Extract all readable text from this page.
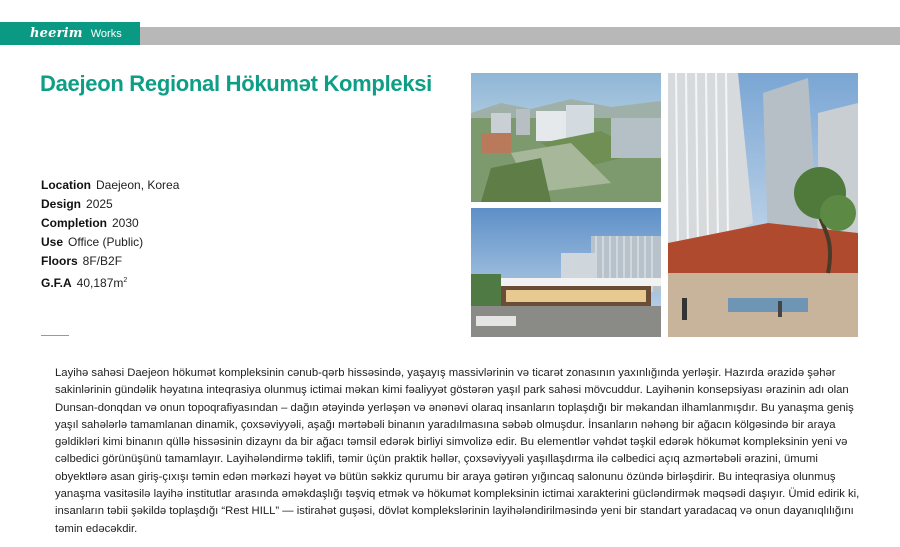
heerim Works
Daejeon Regional Hökumət Kompleksi
Location Daejeon, Korea
Design 2025
Completion 2030
Use Office (Public)
Floors 8F/B2F
G.F.A $40,187m^2$

Layihə sahəsi Daejeon hökumət kompleksinin cənub-qərb hissəsində, yaşayış massivlərinin və ticarət zonasının yaxınlığında yerləşir. Hazırda ərazidə şəhər sakinlərinin gündəlik həyatına inteqrasiya olunmuş ictimai məkan kimi fəaliyyət göstərən yaşıl park sahəsi mövcuddur. Layihənin konsepsiyası ərazinin adı olan Dunsan-donqdan və onun topoqrafiyasından – dağın ətəyində yerləşən və ənənəvi olaraq insanların toplaşdığı bir məkandan ilhamlanmışdır. Bu yanaşma geniş yaşıl sahələrlə tamamlanan dinamik, çoxsəviyyəli, aşağı mərtəbəli binanın yaradılmasına səbəb olmuşdur. İnsanların nəhəng bir ağacın kölgəsində bir araya gəldikləri kimi binanın qüllə hissəsinin dizaynı da bir ağacı təmsil edərək birliyi simvolizə edir. Bu elementlər vəhdət təşkil edərək hökumət kompleksinin yeni və cəlbedici görünüşünü tamamlayır. Layihələndirmə təklifi, təmir üçün praktik həllər, çoxsəviyyəli yaşıllaşdırma ilə cəlbedici açıq azmərtəbəli ərazini, ümumi obyektlərə asan giriş-çıxışı təmin edən mərkəzi həyət və bütün səkkiz qurumu bir araya gətirən yığıncaq salonunu özündə birləşdirir. Bu inteqrasiya olunmuş yanaşma vasitəsilə layihə institutlar arasında əməkdaşlığı təşviq etmək və hökumət kompleksinin ictimai xarakterini gücləndirmək məqsədi daşıyır. Ümid edirik ki, insanların təbii şəkildə toplaşdığı “Rest HILL” — istirahət guşəsi, dövlət komplekslərinin layihələndirilməsində yeni bir standart yaradacaq və onun dayanıqlılığını təmin edəcəkdir.
